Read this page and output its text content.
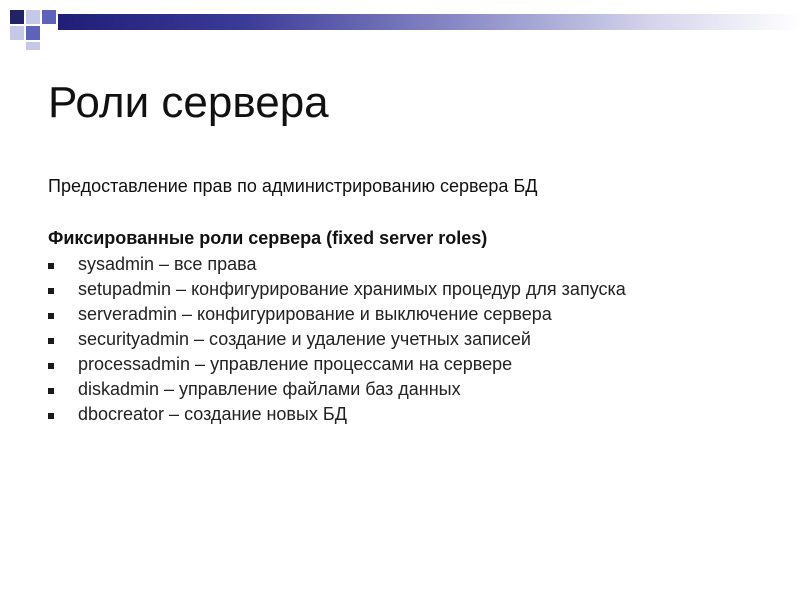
Роли сервера
Предоставление прав по администрированию сервера БД
Фиксированные роли сервера (fixed server roles)
sysadmin – все права
setupadmin – конфигурирование хранимых процедур для запуска
serveradmin – конфигурирование и выключение сервера
securityadmin – создание и удаление учетных записей
processadmin – управление процессами на сервере
diskadmin – управление файлами баз данных
dbocreator – создание новых БД
